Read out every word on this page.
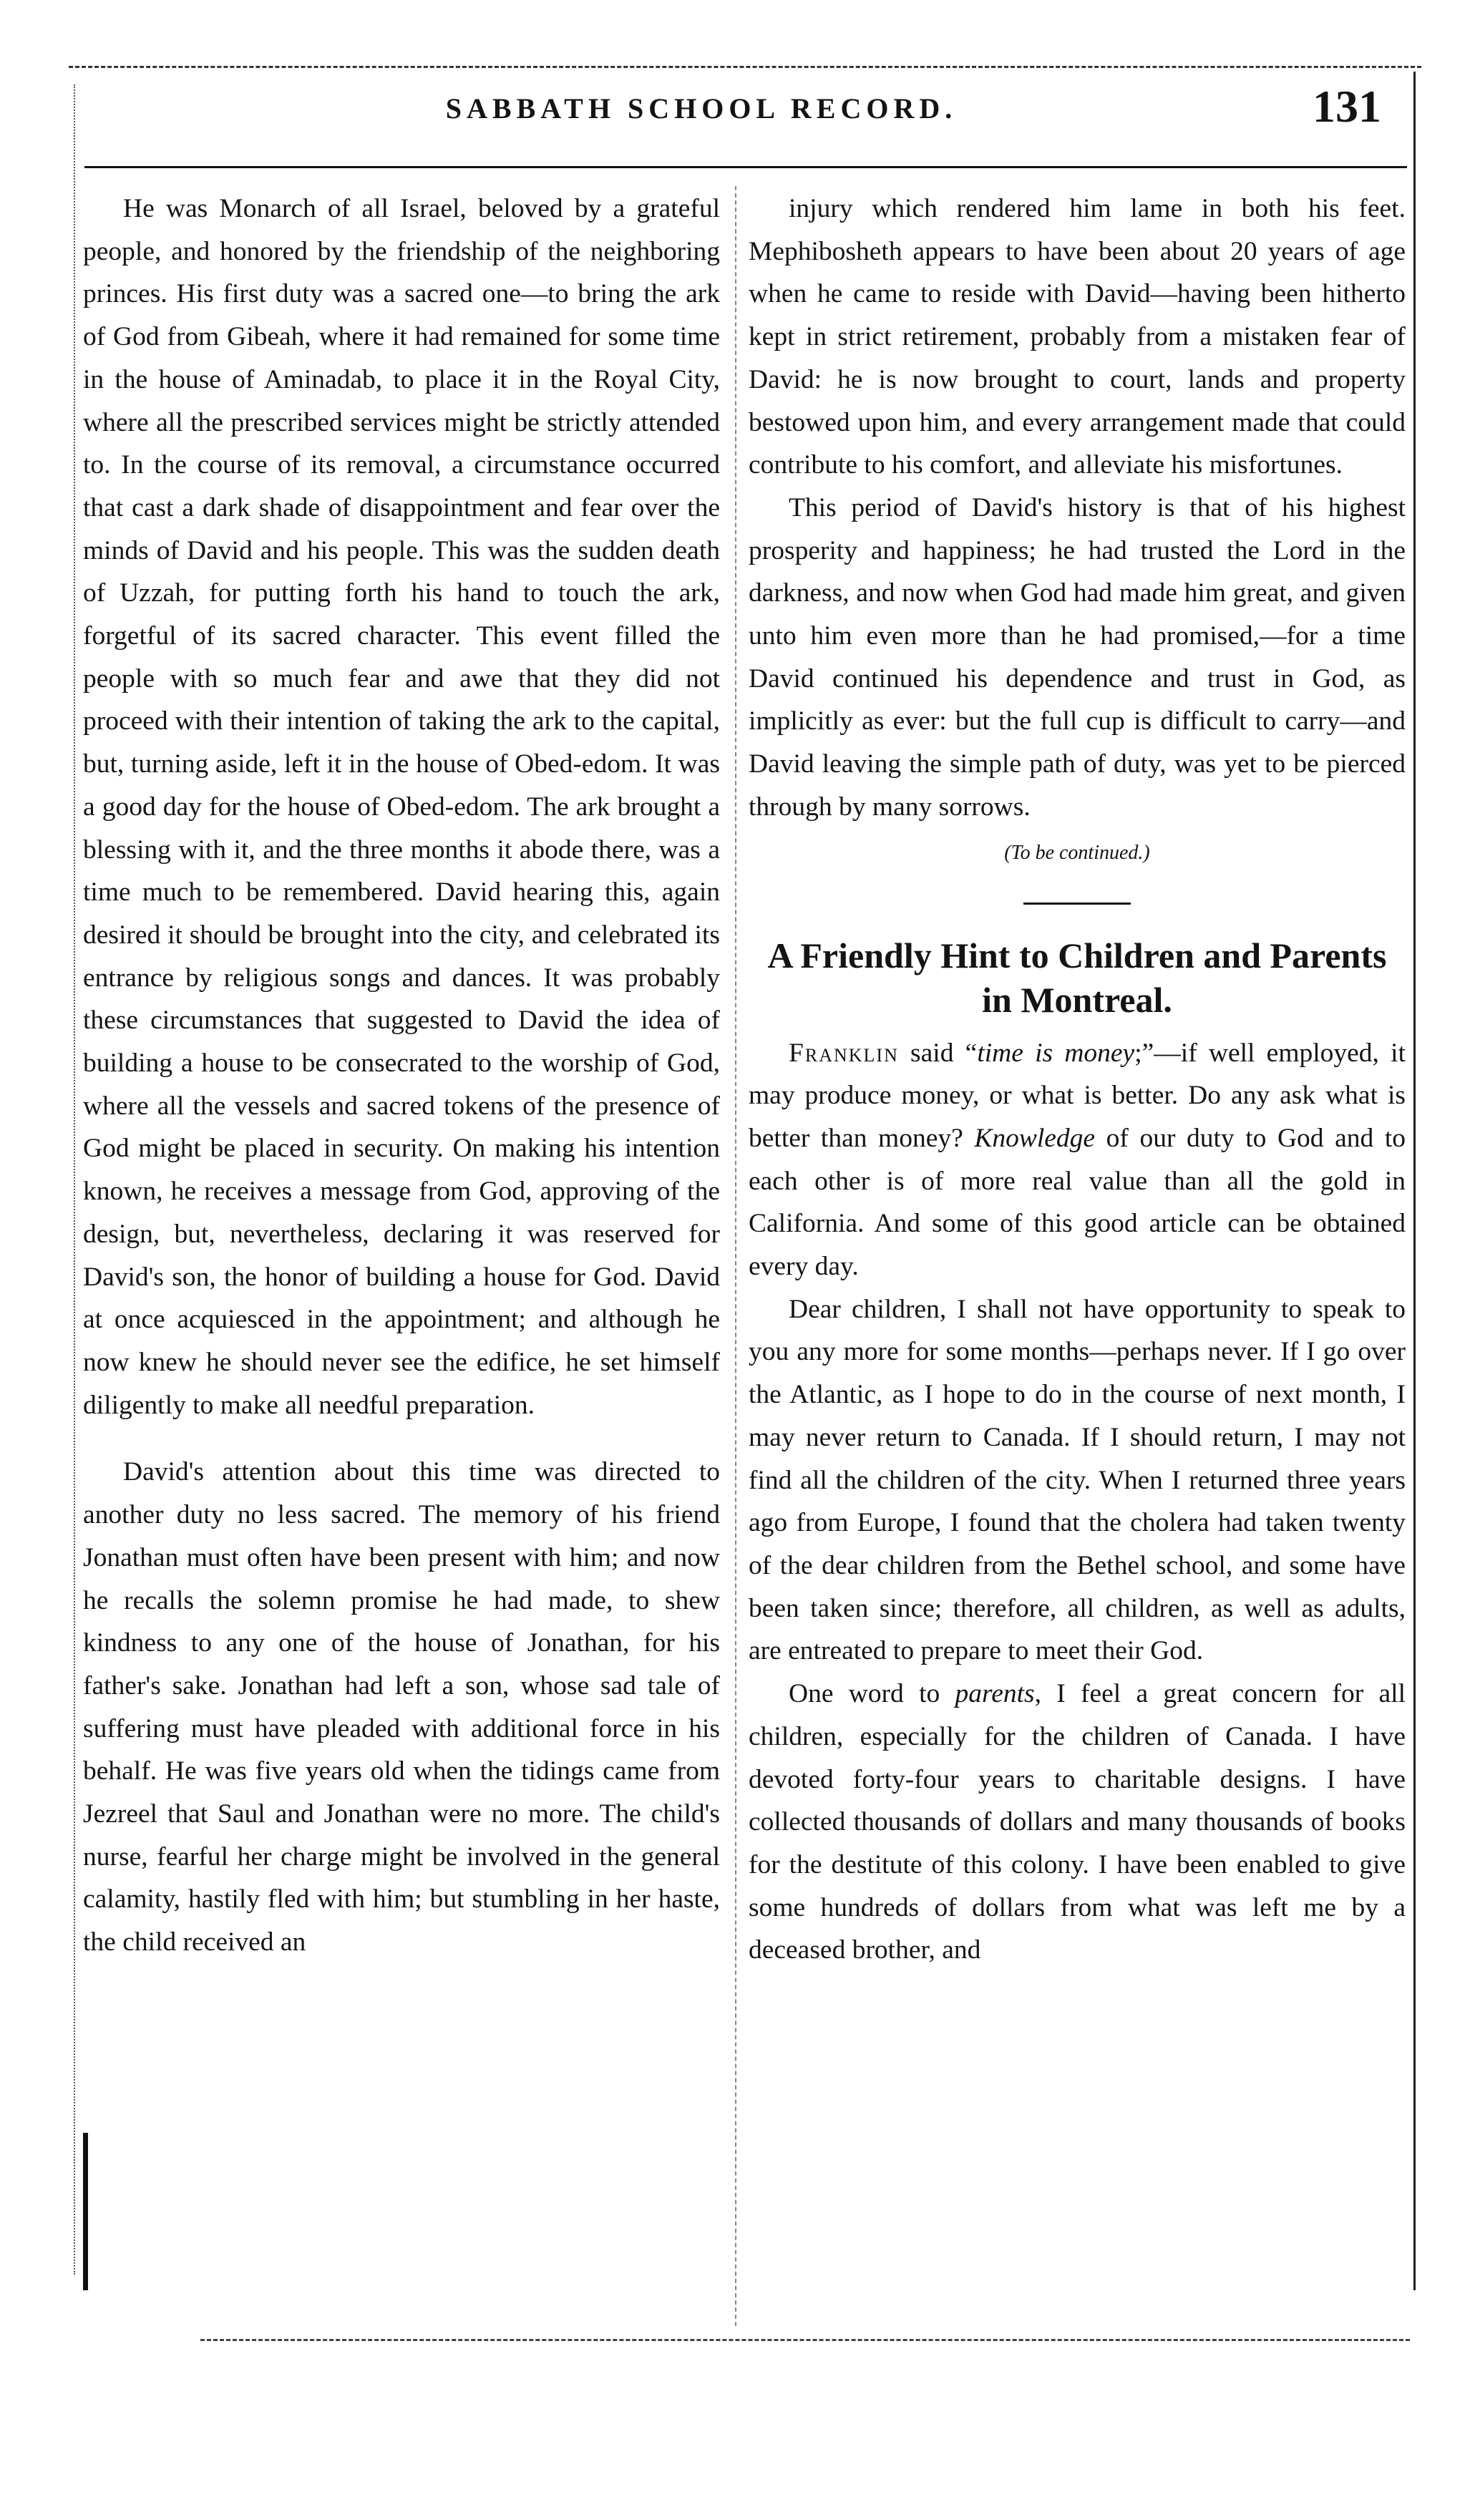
SABBATH SCHOOL RECORD.	131

He was Monarch of all Israel, beloved by a grateful people, and honored by the friendship of the neighboring princes. His first duty was a sacred one—to bring the ark of God from Gibeah, where it had remained for some time in the house of Aminadab, to place it in the Royal City, where all the prescribed services might be strictly attended to. In the course of its removal, a circumstance occurred that cast a dark shade of disappointment and fear over the minds of David and his people. This was the sudden death of Uzzah, for putting forth his hand to touch the ark, forgetful of its sacred character. This event filled the people with so much fear and awe that they did not proceed with their intention of taking the ark to the capital, but, turning aside, left it in the house of Obed-edom. It was a good day for the house of Obed-edom. The ark brought a blessing with it, and the three months it abode there, was a time much to be remembered. David hearing this, again desired it should be brought into the city, and celebrated its entrance by religious songs and dances. It was probably these circumstances that suggested to David the idea of building a house to be consecrated to the worship of God, where all the vessels and sacred tokens of the presence of God might be placed in security. On making his intention known, he receives a message from God, approving of the design, but, nevertheless, declaring it was reserved for David's son, the honor of building a house for God. David at once acquiesced in the appointment; and although he now knew he should never see the edifice, he set himself diligently to make all needful preparation.

David's attention about this time was directed to another duty no less sacred. The memory of his friend Jonathan must often have been present with him; and now he recalls the solemn promise he had made, to shew kindness to any one of the house of Jonathan, for his father's sake. Jonathan had left a son, whose sad tale of suffering must have pleaded with additional force in his behalf. He was five years old when the tidings came from Jezreel that Saul and Jonathan were no more. The child's nurse, fearful her charge might be involved in the general calamity, hastily fled with him; but stumbling in her haste, the child received an

injury which rendered him lame in both his feet. Mephibosheth appears to have been about 20 years of age when he came to reside with David—having been hitherto kept in strict retirement, probably from a mistaken fear of David: he is now brought to court, lands and property bestowed upon him, and every arrangement made that could contribute to his comfort, and alleviate his misfortunes.

This period of David's history is that of his highest prosperity and happiness; he had trusted the Lord in the darkness, and now when God had made him great, and given unto him even more than he had promised,—for a time David continued his dependence and trust in God, as implicitly as ever: but the full cup is difficult to carry—and David leaving the simple path of duty, was yet to be pierced through by many sorrows.

(To be continued.)
A Friendly Hint to Children and Parents in Montreal.

Franklin said “time is money;”—if well employed, it may produce money, or what is better. Do any ask what is better than money? Knowledge of our duty to God and to each other is of more real value than all the gold in California. And some of this good article can be obtained every day.

Dear children, I shall not have opportunity to speak to you any more for some months—perhaps never. If I go over the Atlantic, as I hope to do in the course of next month, I may never return to Canada. If I should return, I may not find all the children of the city. When I returned three years ago from Europe, I found that the cholera had taken twenty of the dear children from the Bethel school, and some have been taken since; therefore, all children, as well as adults, are entreated to prepare to meet their God.

One word to parents, I feel a great concern for all children, especially for the children of Canada. I have devoted forty-four years to charitable designs. I have collected thousands of dollars and many thousands of books for the destitute of this colony. I have been enabled to give some hundreds of dollars from what was left me by a deceased brother, and
